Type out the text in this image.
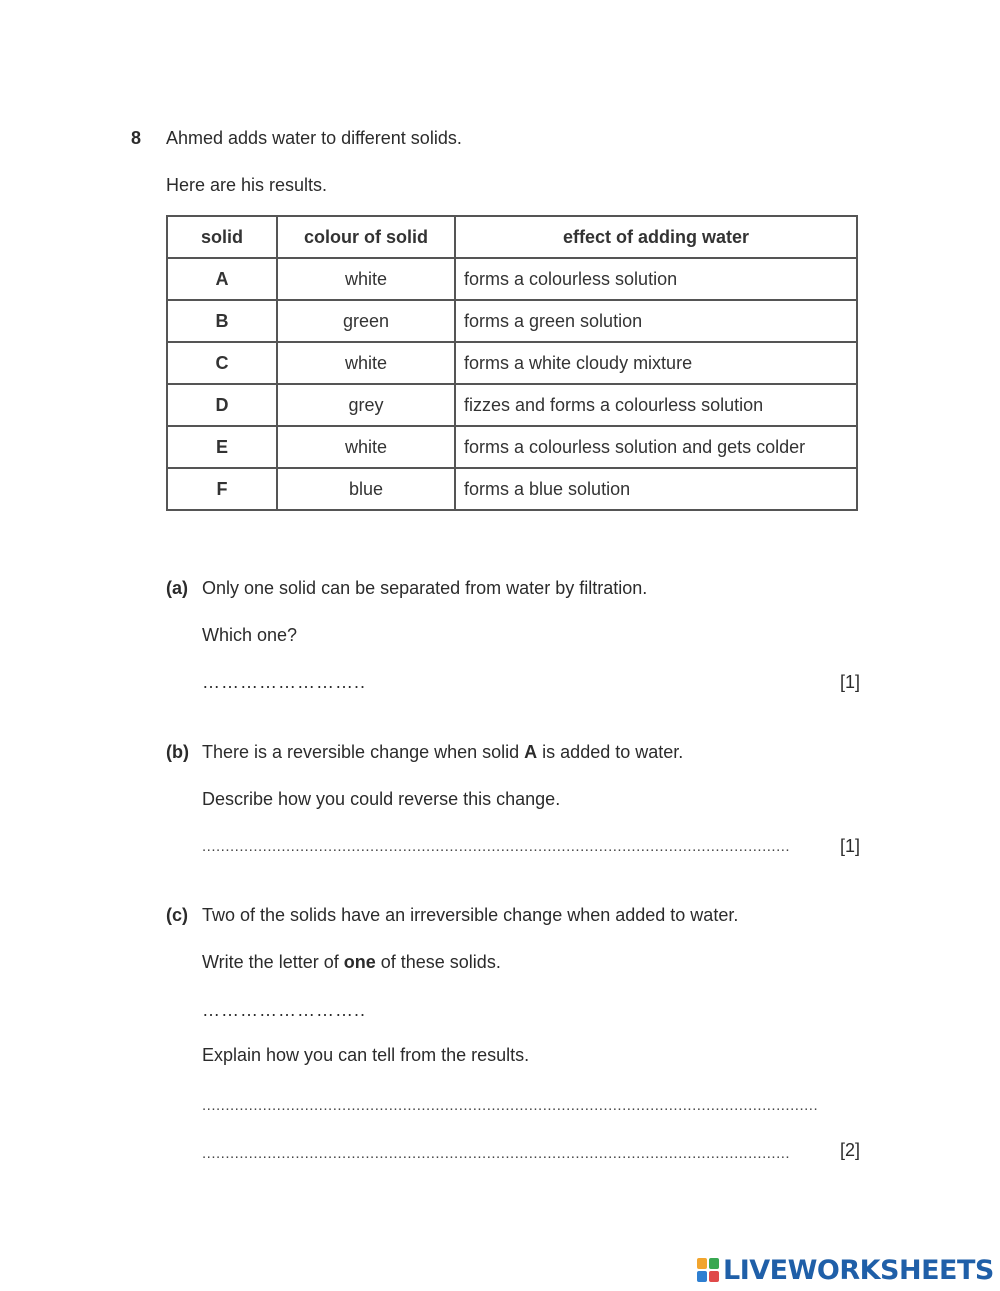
8 Ahmed adds water to different solids.
Here are his results.
solid	colour of solid	effect of adding water
A	white	forms a colourless solution
B	green	forms a green solution
C	white	forms a white cloudy mixture
D	grey	fizzes and forms a colourless solution
E	white	forms a colourless solution and gets colder
F	blue	forms a blue solution
(a) Only one solid can be separated from water by filtration.
Which one?
……………………..	[1]
(b) There is a reversible change when solid A is added to water.
Describe how you could reverse this change.
..............................................................................................................................	[1]
(c) Two of the solids have an irreversible change when added to water.
Write the letter of one of these solids.
……………………..
Explain how you can tell from the results.
....................................................................................................................................
..............................................................................................................................	[2]
LIVEWORKSHEETS
